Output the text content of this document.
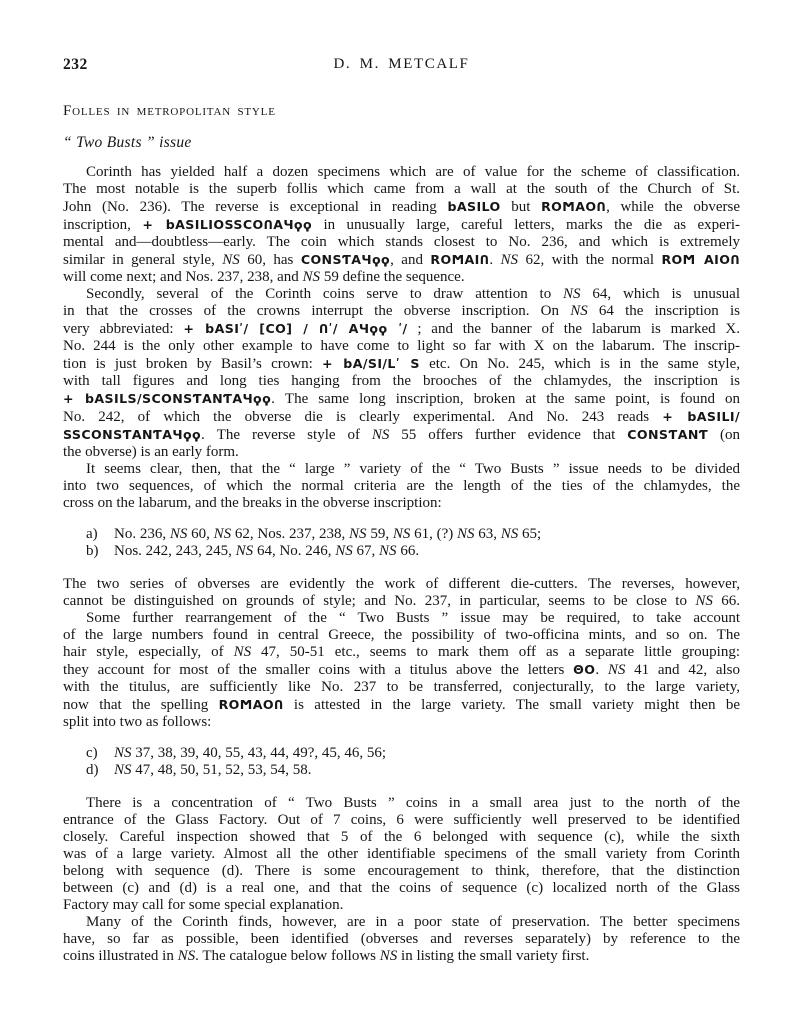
232	D. M. METCALF
Folles in metropolitan style
“ Two Busts ” issue
Corinth has yielded half a dozen specimens which are of value for the scheme of classification.
The most notable is the superb follis which came from a wall at the south of the Church of St.
John (No. 236). The reverse is exceptional in reading bASILO but ROϺAOՈ, while the obverse
inscription, + bASILIOSSCOՈAЧϙϙ in unusually large, careful letters, marks the die as experi-
mental and—doubtless—early. The coin which stands closest to No. 236, and which is extremely
similar in general style, NS 60, has CONSƬAЧϙϙ, and ROϺAIՈ. NS 62, with the normal ROϺ AIOՈ
will come next; and Nos. 237, 238, and NS 59 define the sequence.
Secondly, several of the Corinth coins serve to draw attention to NS 64, which is unusual
in that the crosses of the crowns interrupt the obverse inscription. On NS 64 the inscription is
very abbreviated: + bASIʹ/ [CO] / Ոʹ/ AЧϙϙ ʹ/ ; and the banner of the labarum is marked X.
No. 244 is the only other example to have come to light so far with X on the labarum. The inscrip-
tion is just broken by Basil’s crown: + bA/SI/Lʹ S etc. On No. 245, which is in the same style,
with tall figures and long ties hanging from the brooches of the chlamydes, the inscription is
+ bASILS/SCONSƬANƬAЧϙϙ. The same long inscription, broken at the same point, is found on
No. 242, of which the obverse die is clearly experimental. And No. 243 reads + bASILI/
SSCONSƬANƬAЧϙϙ. The reverse style of NS 55 offers further evidence that CONSƬANƬ (on
the obverse) is an early form.
It seems clear, then, that the “ large ” variety of the “ Two Busts ” issue needs to be divided
into two sequences, of which the normal criteria are the length of the ties of the chlamydes, the
cross on the labarum, and the breaks in the obverse inscription:
a)	No. 236, NS 60, NS 62, Nos. 237, 238, NS 59, NS 61, (?) NS 63, NS 65;
b)	Nos. 242, 243, 245, NS 64, No. 246, NS 67, NS 66.
The two series of obverses are evidently the work of different die-cutters. The reverses, however,
cannot be distinguished on grounds of style; and No. 237, in particular, seems to be close to NS 66.
Some further rearrangement of the “ Two Busts ” issue may be required, to take account
of the large numbers found in central Greece, the possibility of two-officina mints, and so on. The
hair style, especially, of NS 47, 50-51 etc., seems to mark them off as a separate little grouping:
they account for most of the smaller coins with a titulus above the letters ΘO. NS 41 and 42, also
with the titulus, are sufficiently like No. 237 to be transferred, conjecturally, to the large variety,
now that the spelling ROϺAOՈ is attested in the large variety. The small variety might then be
split into two as follows:
c)	NS 37, 38, 39, 40, 55, 43, 44, 49?, 45, 46, 56;
d)	NS 47, 48, 50, 51, 52, 53, 54, 58.
There is a concentration of “ Two Busts ” coins in a small area just to the north of the
entrance of the Glass Factory. Out of 7 coins, 6 were sufficiently well preserved to be identified
closely. Careful inspection showed that 5 of the 6 belonged with sequence (c), while the sixth
was of a large variety. Almost all the other identifiable specimens of the small variety from Corinth
belong with sequence (d). There is some encouragement to think, therefore, that the distinction
between (c) and (d) is a real one, and that the coins of sequence (c) localized north of the Glass
Factory may call for some special explanation.
Many of the Corinth finds, however, are in a poor state of preservation. The better specimens
have, so far as possible, been identified (obverses and reverses separately) by reference to the
coins illustrated in NS. The catalogue below follows NS in listing the small variety first.
